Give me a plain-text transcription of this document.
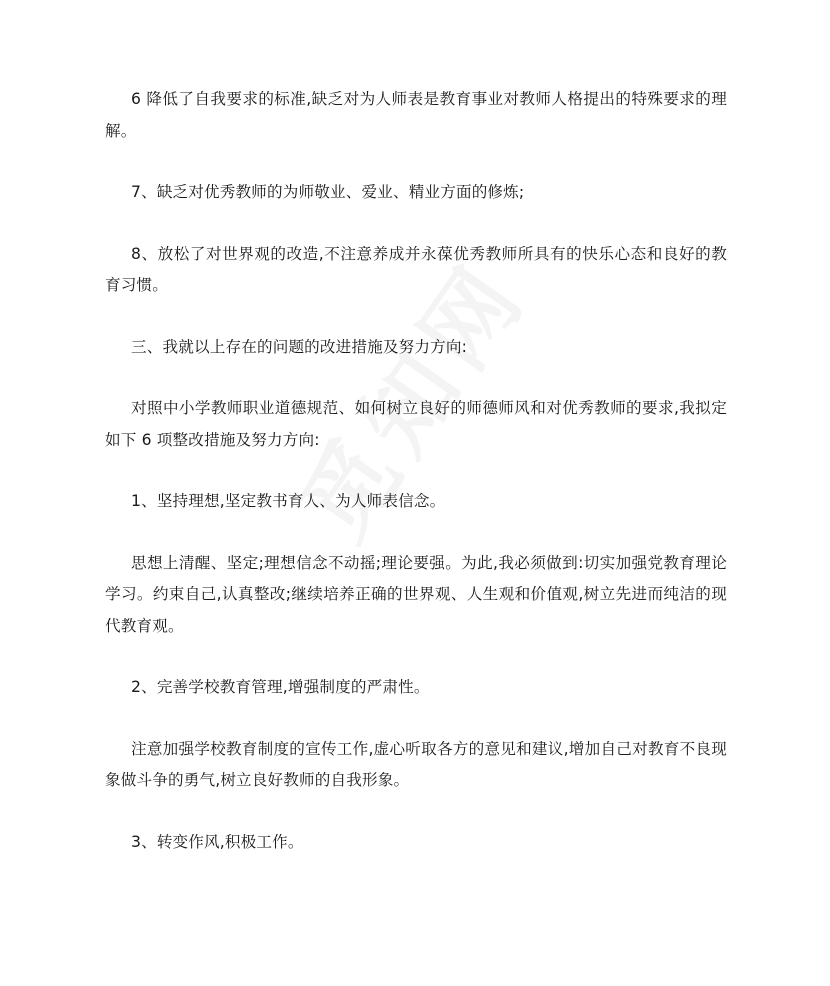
6 降低了自我要求的标准,缺乏对为人师表是教育事业对教师人格提出的特殊要求的理解。

7、缺乏对优秀教师的为师敬业、爱业、精业方面的修炼;

8、放松了对世界观的改造,不注意养成并永葆优秀教师所具有的快乐心态和良好的教育习惯。

三、我就以上存在的问题的改进措施及努力方向:

对照中小学教师职业道德规范、如何树立良好的师德师风和对优秀教师的要求,我拟定如下 6 项整改措施及努力方向:

1、坚持理想,坚定教书育人、为人师表信念。

思想上清醒、坚定;理想信念不动摇;理论要强。为此,我必须做到:切实加强党教育理论学习。约束自己,认真整改;继续培养正确的世界观、人生观和价值观,树立先进而纯洁的现代教育观。

2、完善学校教育管理,增强制度的严肃性。

注意加强学校教育制度的宣传工作,虚心听取各方的意见和建议,增加自己对教育不良现象做斗争的勇气,树立良好教师的自我形象。

3、转变作风,积极工作。
